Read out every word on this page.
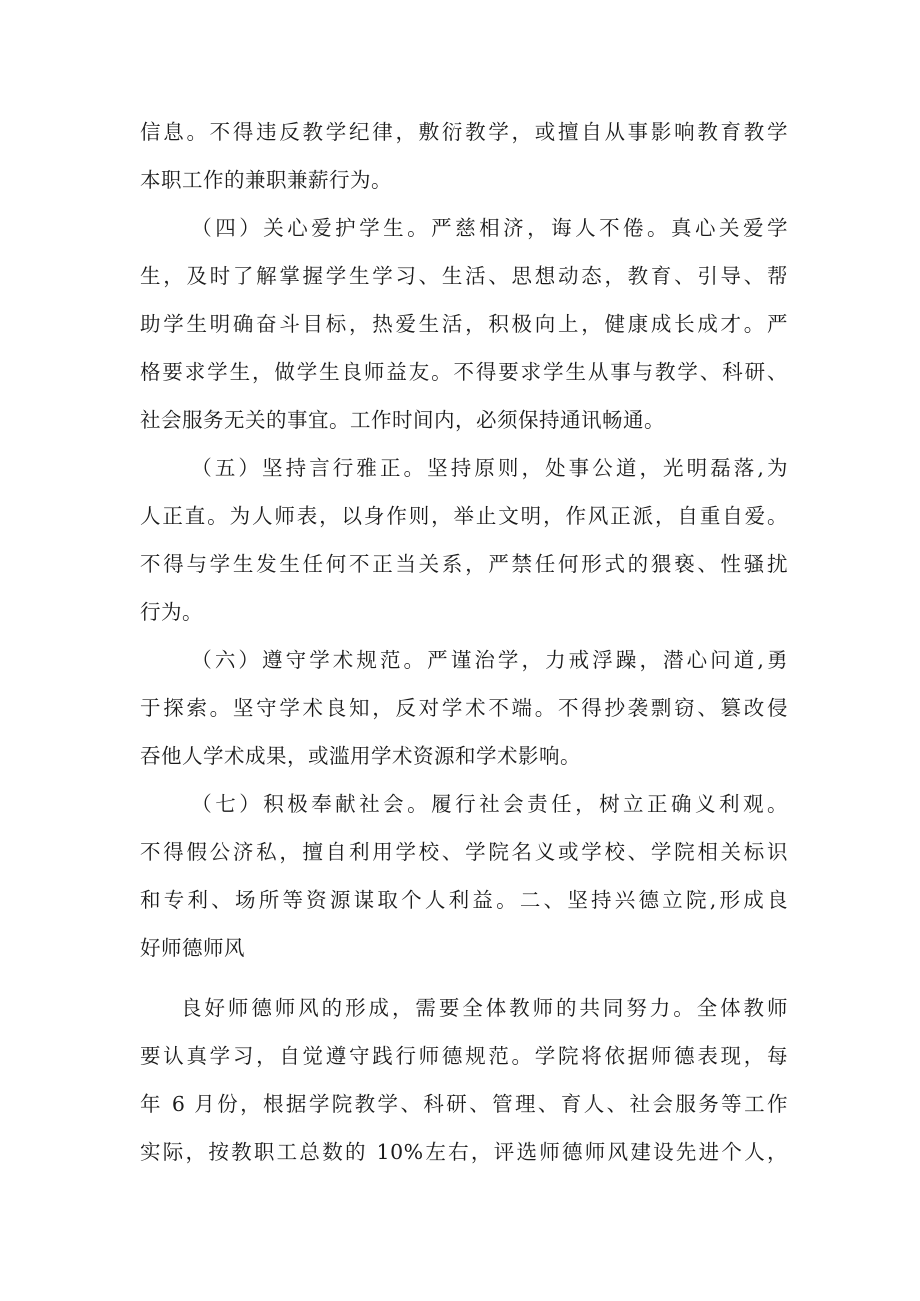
信息。不得违反教学纪律，敷衍教学，或擅自从事影响教育教学
本职工作的兼职兼薪行为。
（四）关心爱护学生。严慈相济，诲人不倦。真心关爱学
生，及时了解掌握学生学习、生活、思想动态，教育、引导、帮
助学生明确奋斗目标，热爱生活，积极向上，健康成长成才。严
格要求学生，做学生良师益友。不得要求学生从事与教学、科研、
社会服务无关的事宜。工作时间内，必须保持通讯畅通。
（五）坚持言行雅正。坚持原则，处事公道，光明磊落,为
人正直。为人师表，以身作则，举止文明，作风正派，自重自爱。
不得与学生发生任何不正当关系，严禁任何形式的猥亵、性骚扰
行为。
（六）遵守学术规范。严谨治学，力戒浮躁，潜心问道,勇
于探索。坚守学术良知，反对学术不端。不得抄袭剽窃、篡改侵
吞他人学术成果，或滥用学术资源和学术影响。
（七）积极奉献社会。履行社会责任，树立正确义利观。
不得假公济私，擅自利用学校、学院名义或学校、学院相关标识
和专利、场所等资源谋取个人利益。二、坚持兴德立院,形成良
好师德师风
良好师德师风的形成，需要全体教师的共同努力。全体教师
要认真学习，自觉遵守践行师德规范。学院将依据师德表现，每
年 6 月份，根据学院教学、科研、管理、育人、社会服务等工作
实际，按教职工总数的 10%左右，评选师德师风建设先进个人，
